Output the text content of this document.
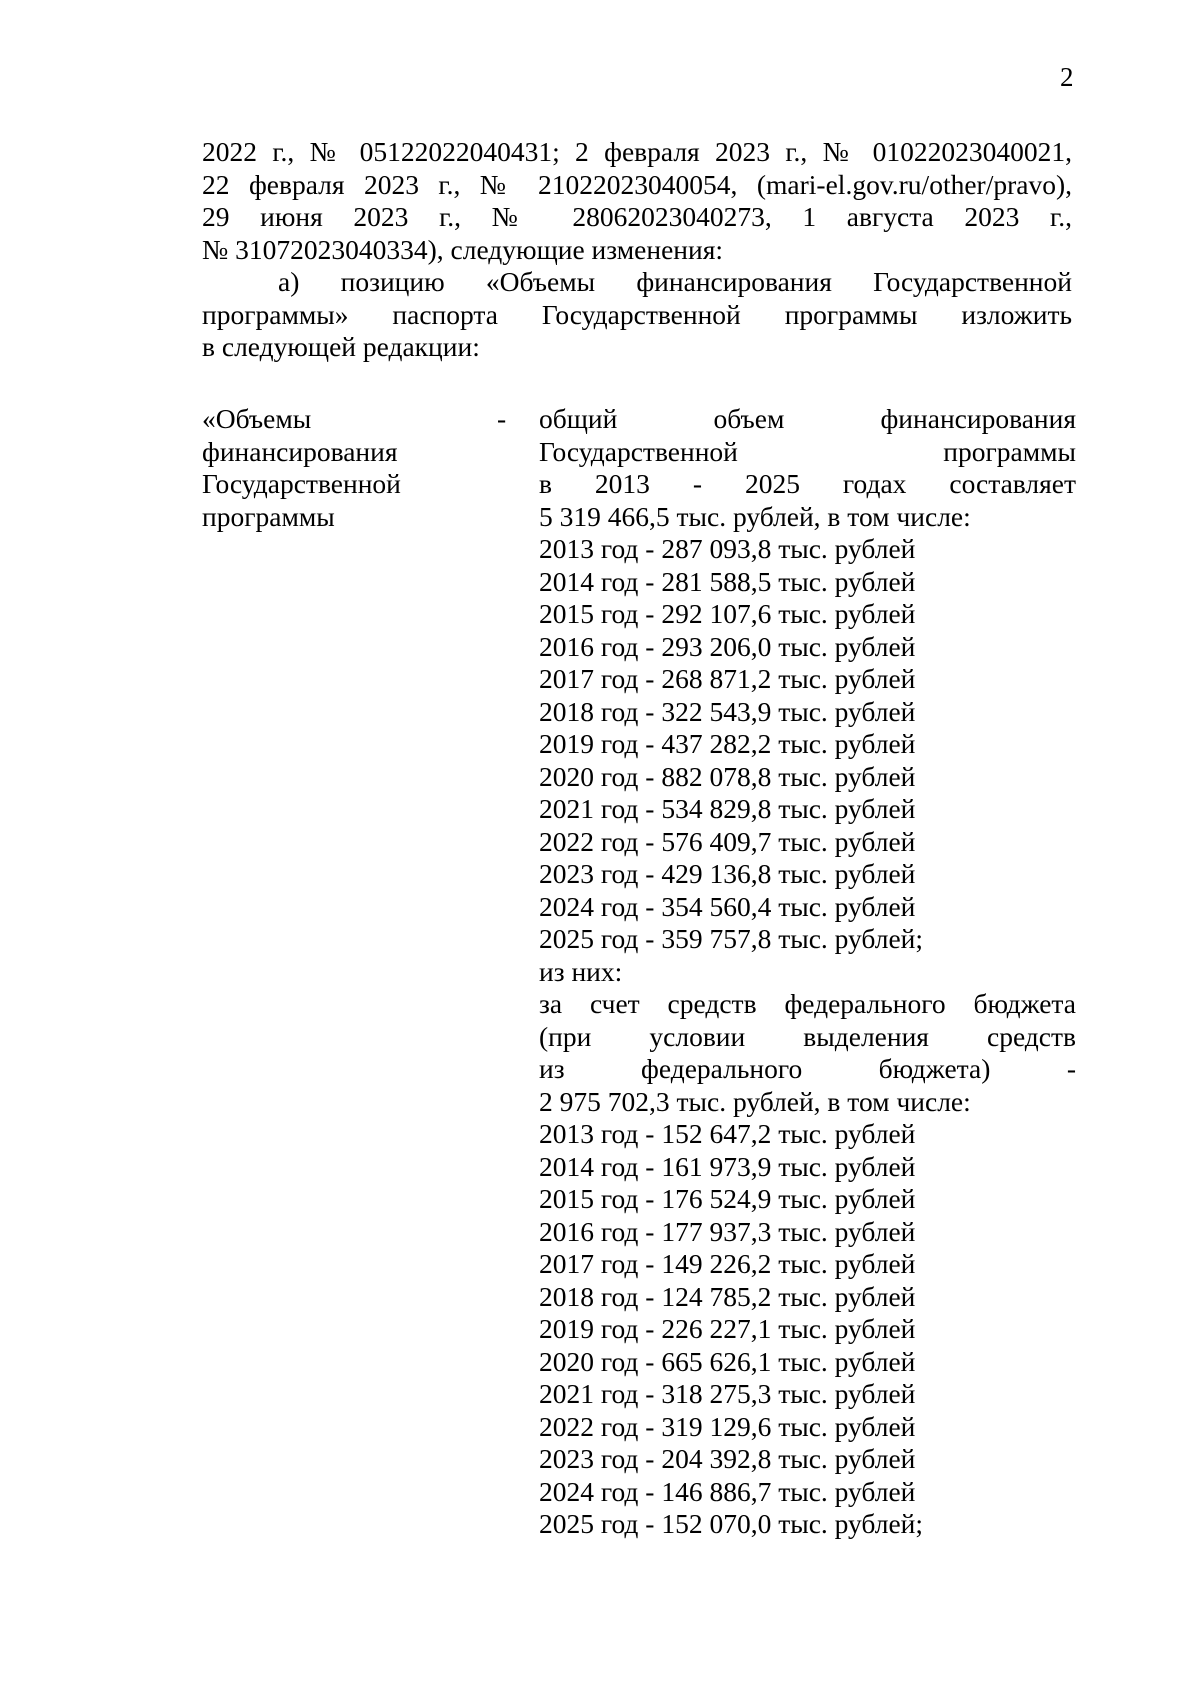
2
2022 г., № 05122022040431; 2 февраля 2023 г., № 01022023040021,
22 февраля 2023 г., № 21022023040054, (mari-el.gov.ru/other/pravo),
29 июня 2023 г., № 28062023040273, 1 августа 2023 г.,
№ 31072023040334), следующие изменения:
а) позицию «Объемы финансирования Государственной
программы» паспорта Государственной программы изложить
в следующей редакции:
«Объемы
финансирования
Государственной
программы
- общий объем финансирования
Государственной программы
в 2013 - 2025 годах составляет
5 319 466,5 тыс. рублей, в том числе:
2013 год - 287 093,8 тыс. рублей
2014 год - 281 588,5 тыс. рублей
2015 год - 292 107,6 тыс. рублей
2016 год - 293 206,0 тыс. рублей
2017 год - 268 871,2 тыс. рублей
2018 год - 322 543,9 тыс. рублей
2019 год - 437 282,2 тыс. рублей
2020 год - 882 078,8 тыс. рублей
2021 год - 534 829,8 тыс. рублей
2022 год - 576 409,7 тыс. рублей
2023 год - 429 136,8 тыс. рублей
2024 год - 354 560,4 тыс. рублей
2025 год - 359 757,8 тыс. рублей;
из них:
за счет средств федерального бюджета
(при условии выделения средств
из федерального бюджета) -
2 975 702,3 тыс. рублей, в том числе:
2013 год - 152 647,2 тыс. рублей
2014 год - 161 973,9 тыс. рублей
2015 год - 176 524,9 тыс. рублей
2016 год - 177 937,3 тыс. рублей
2017 год - 149 226,2 тыс. рублей
2018 год - 124 785,2 тыс. рублей
2019 год - 226 227,1 тыс. рублей
2020 год - 665 626,1 тыс. рублей
2021 год - 318 275,3 тыс. рублей
2022 год - 319 129,6 тыс. рублей
2023 год - 204 392,8 тыс. рублей
2024 год - 146 886,7 тыс. рублей
2025 год - 152 070,0 тыс. рублей;
